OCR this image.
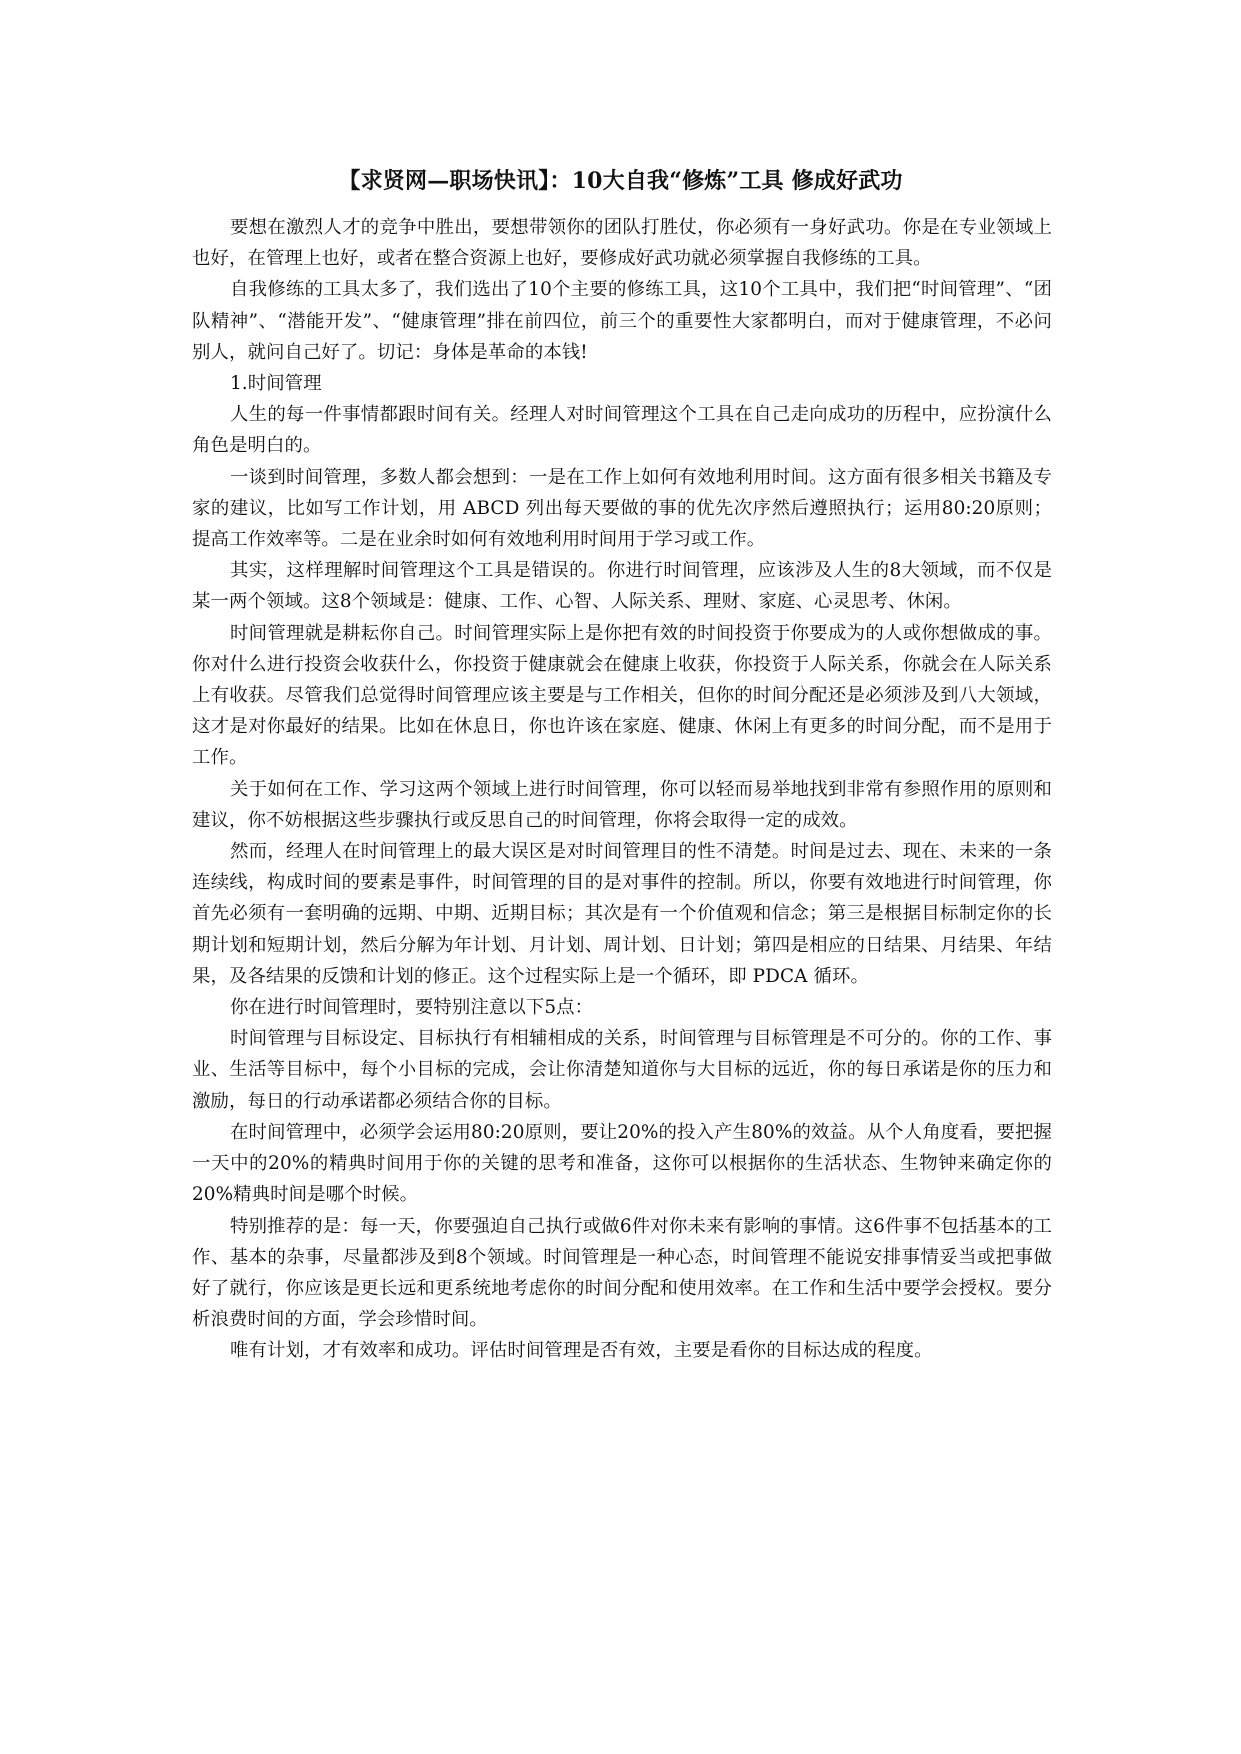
【求贤网—职场快讯】：10大自我“修炼”工具 修成好武功

要想在激烈人才的竞争中胜出，要想带领你的团队打胜仗，你必须有一身好武功。你是在专业领域上也好，在管理上也好，或者在整合资源上也好，要修成好武功就必须掌握自我修练的工具。

自我修练的工具太多了，我们选出了10个主要的修练工具，这10个工具中，我们把“时间管理”、“团队精神”、“潜能开发”、“健康管理”排在前四位，前三个的重要性大家都明白，而对于健康管理，不必问别人，就问自己好了。切记：身体是革命的本钱!

1.时间管理

人生的每一件事情都跟时间有关。经理人对时间管理这个工具在自己走向成功的历程中，应扮演什么角色是明白的。

一谈到时间管理，多数人都会想到：一是在工作上如何有效地利用时间。这方面有很多相关书籍及专家的建议，比如写工作计划，用 ABCD 列出每天要做的事的优先次序然后遵照执行；运用80:20原则；提高工作效率等。二是在业余时如何有效地利用时间用于学习或工作。

其实，这样理解时间管理这个工具是错误的。你进行时间管理，应该涉及人生的8大领域，而不仅是某一两个领域。这8个领域是：健康、工作、心智、人际关系、理财、家庭、心灵思考、休闲。

时间管理就是耕耘你自己。时间管理实际上是你把有效的时间投资于你要成为的人或你想做成的事。你对什么进行投资会收获什么，你投资于健康就会在健康上收获，你投资于人际关系，你就会在人际关系上有收获。尽管我们总觉得时间管理应该主要是与工作相关，但你的时间分配还是必须涉及到八大领域，这才是对你最好的结果。比如在休息日，你也许该在家庭、健康、休闲上有更多的时间分配，而不是用于工作。

关于如何在工作、学习这两个领域上进行时间管理，你可以轻而易举地找到非常有参照作用的原则和建议，你不妨根据这些步骤执行或反思自己的时间管理，你将会取得一定的成效。

然而，经理人在时间管理上的最大误区是对时间管理目的性不清楚。时间是过去、现在、未来的一条连续线，构成时间的要素是事件，时间管理的目的是对事件的控制。所以，你要有效地进行时间管理，你首先必须有一套明确的远期、中期、近期目标；其次是有一个价值观和信念；第三是根据目标制定你的长期计划和短期计划，然后分解为年计划、月计划、周计划、日计划；第四是相应的日结果、月结果、年结果，及各结果的反馈和计划的修正。这个过程实际上是一个循环，即 PDCA 循环。

你在进行时间管理时，要特别注意以下5点：

时间管理与目标设定、目标执行有相辅相成的关系，时间管理与目标管理是不可分的。你的工作、事业、生活等目标中，每个小目标的完成，会让你清楚知道你与大目标的远近，你的每日承诺是你的压力和激励，每日的行动承诺都必须结合你的目标。

在时间管理中，必须学会运用80:20原则，要让20%的投入产生80%的效益。从个人角度看，要把握一天中的20%的精典时间用于你的关键的思考和准备，这你可以根据你的生活状态、生物钟来确定你的20%精典时间是哪个时候。

特别推荐的是：每一天，你要强迫自己执行或做6件对你未来有影响的事情。这6件事不包括基本的工作、基本的杂事，尽量都涉及到8个领域。时间管理是一种心态，时间管理不能说安排事情妥当或把事做好了就行，你应该是更长远和更系统地考虑你的时间分配和使用效率。在工作和生活中要学会授权。要分析浪费时间的方面，学会珍惜时间。

唯有计划，才有效率和成功。评估时间管理是否有效，主要是看你的目标达成的程度。
